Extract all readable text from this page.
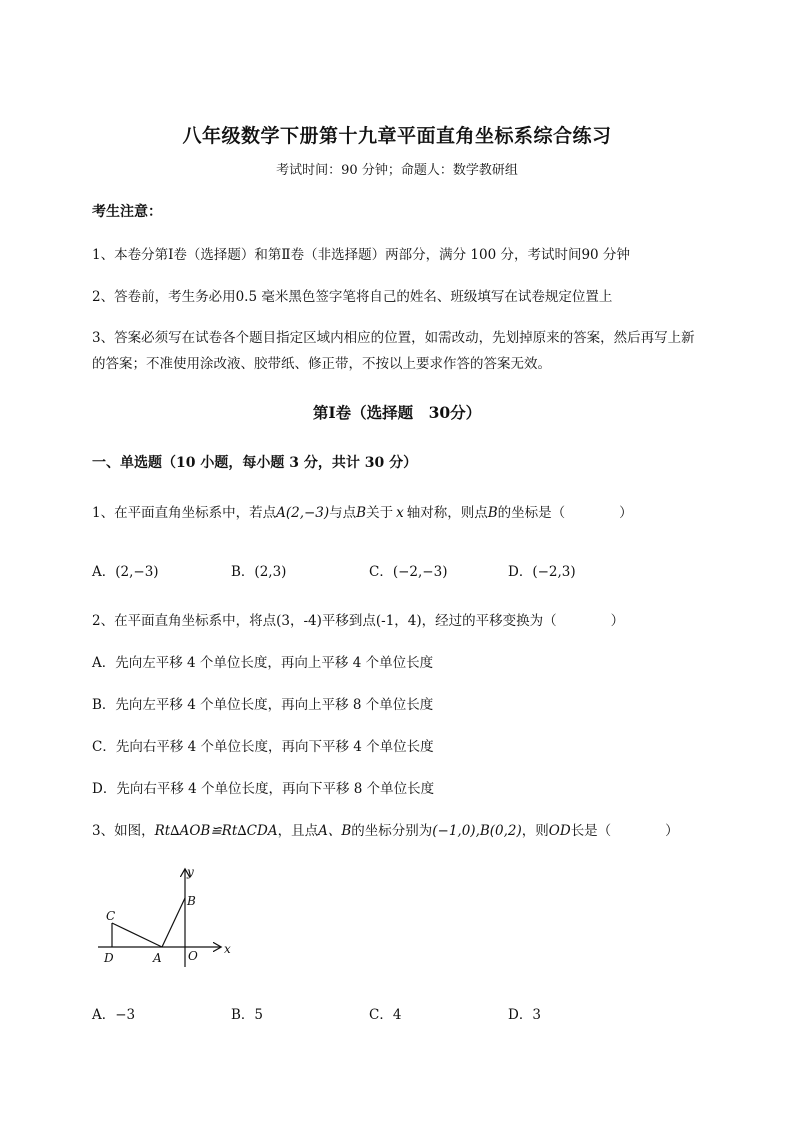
八年级数学下册第十九章平面直角坐标系综合练习
考试时间：90 分钟；命题人：数学教研组
考生注意：
1、本卷分第Ⅰ卷（选择题）和第Ⅱ卷（非选择题）两部分，满分 100 分，考试时间90 分钟
2、答卷前，考生务必用0.5 毫米黑色签字笔将自己的姓名、班级填写在试卷规定位置上
3、答案必须写在试卷各个题目指定区域内相应的位置，如需改动，先划掉原来的答案，然后再写上新
的答案；不准使用涂改液、胶带纸、修正带，不按以上要求作答的答案无效。
第Ⅰ卷（选择题　30分）
一、单选题（10 小题，每小题 3 分，共计 30 分）
1、在平面直角坐标系中，若点A(2,−3)与点B关于 x 轴对称，则点B的坐标是（　　　　）
A．(2,−3)	B．(2,3)	C．(−2,−3)	D．(−2,3)
2、在平面直角坐标系中，将点(3，-4)平移到点(-1，4)，经过的平移变换为（　　　　）
A．先向左平移 4 个单位长度，再向上平移 4 个单位长度
B．先向左平移 4 个单位长度，再向上平移 8 个单位长度
C．先向右平移 4 个单位长度，再向下平移 4 个单位长度
D．先向右平移 4 个单位长度，再向下平移 8 个单位长度
3、如图，Rt∆AOB≌Rt∆CDA，且点A、B的坐标分别为(−1,0),B(0,2)，则OD长是（　　　　）
y
x
B
C
D	A O
A．−3	B．5	C．4	D．3
